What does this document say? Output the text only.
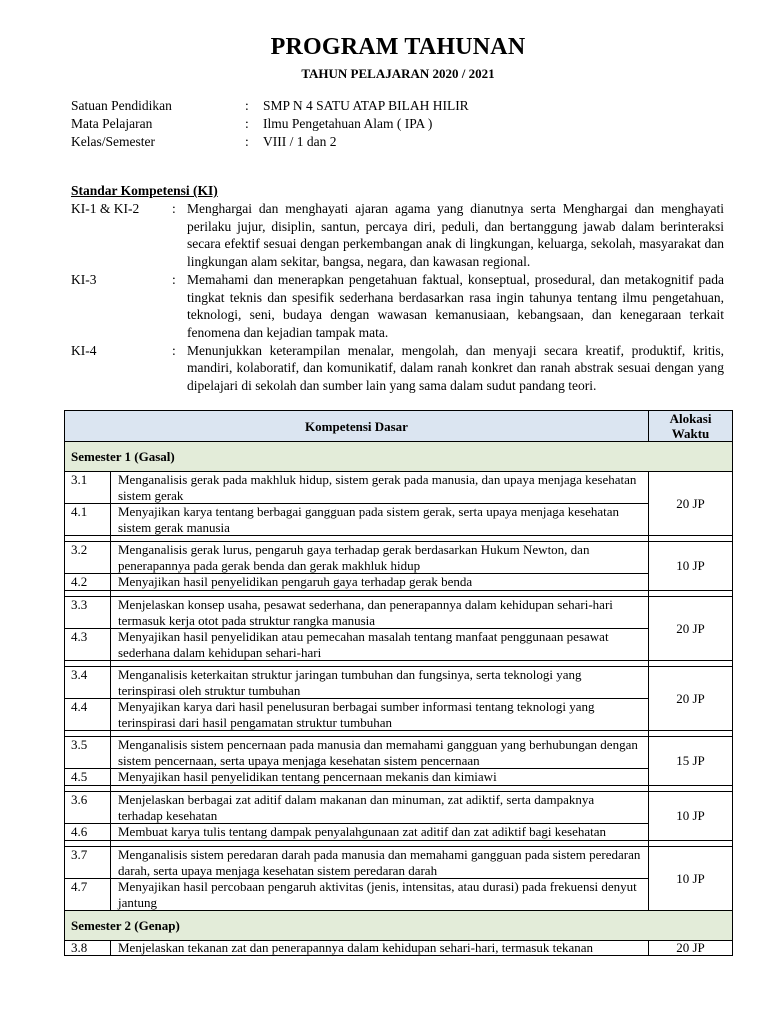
PROGRAM TAHUNAN
TAHUN PELAJARAN 2020 / 2021
Satuan Pendidikan	: SMP N 4 SATU ATAP BILAH HILIR
Mata Pelajaran	: Ilmu Pengetahuan Alam ( IPA )
Kelas/Semester	: VIII / 1 dan 2
Standar Kompetensi (KI)
KI-1 & KI-2 : Menghargai dan menghayati ajaran agama yang dianutnya serta Menghargai dan menghayati perilaku jujur, disiplin, santun, percaya diri, peduli, dan bertanggung jawab dalam berinteraksi secara efektif sesuai dengan perkembangan anak di lingkungan, keluarga, sekolah, masyarakat dan lingkungan alam sekitar, bangsa, negara, dan kawasan regional.
KI-3	: Memahami dan menerapkan pengetahuan faktual, konseptual, prosedural, dan metakognitif pada tingkat teknis dan spesifik sederhana berdasarkan rasa ingin tahunya tentang ilmu pengetahuan, teknologi, seni, budaya dengan wawasan kemanusiaan, kebangsaan, dan kenegaraan terkait fenomena dan kejadian tampak mata.
KI-4	: Menunjukkan keterampilan menalar, mengolah, dan menyaji secara kreatif, produktif, kritis, mandiri, kolaboratif, dan komunikatif, dalam ranah konkret dan ranah abstrak sesuai dengan yang dipelajari di sekolah dan sumber lain yang sama dalam sudut pandang teori.
Kompetensi Dasar		Alokasi
Waktu
Semester 1 (Gasal)		
3.1	Menganalisis gerak pada makhluk hidup, sistem gerak pada manusia, dan upaya menjaga kesehatan sistem gerak	20 JP
4.1	Menyajikan karya tentang berbagai gangguan pada sistem gerak, serta upaya menjaga kesehatan sistem gerak manusia	

3.2	Menganalisis gerak lurus, pengaruh gaya terhadap gerak berdasarkan Hukum Newton, dan penerapannya pada gerak benda dan gerak makhluk hidup	10 JP
4.2	Menyajikan hasil penyelidikan pengaruh gaya terhadap gerak benda	

3.3	Menjelaskan konsep usaha, pesawat sederhana, dan penerapannya dalam kehidupan sehari-hari termasuk kerja otot pada struktur rangka manusia	20 JP
4.3	Menyajikan hasil penyelidikan atau pemecahan masalah tentang manfaat penggunaan pesawat sederhana dalam kehidupan sehari-hari	

3.4	Menganalisis keterkaitan struktur jaringan tumbuhan dan fungsinya, serta teknologi yang terinspirasi oleh struktur tumbuhan	20 JP
4.4	Menyajikan karya dari hasil penelusuran berbagai sumber informasi tentang teknologi yang terinspirasi dari hasil pengamatan struktur tumbuhan	

3.5	Menganalisis sistem pencernaan pada manusia dan memahami gangguan yang berhubungan dengan sistem pencernaan, serta upaya menjaga kesehatan sistem pencernaan	15 JP
4.5	Menyajikan hasil penyelidikan tentang pencernaan mekanis dan kimiawi	

3.6	Menjelaskan berbagai zat aditif dalam makanan dan minuman, zat adiktif, serta dampaknya terhadap kesehatan	10 JP
4.6	Membuat karya tulis tentang dampak penyalahgunaan zat aditif dan zat adiktif bagi kesehatan	

3.7	Menganalisis sistem peredaran darah pada manusia dan memahami gangguan pada sistem peredaran darah, serta upaya menjaga kesehatan sistem peredaran darah	10 JP
4.7	Menyajikan hasil percobaan pengaruh aktivitas (jenis, intensitas, atau durasi) pada frekuensi denyut jantung	
Semester 2 (Genap)		
3.8	Menjelaskan tekanan zat dan penerapannya dalam kehidupan sehari-hari, termasuk tekanan	20 JP
